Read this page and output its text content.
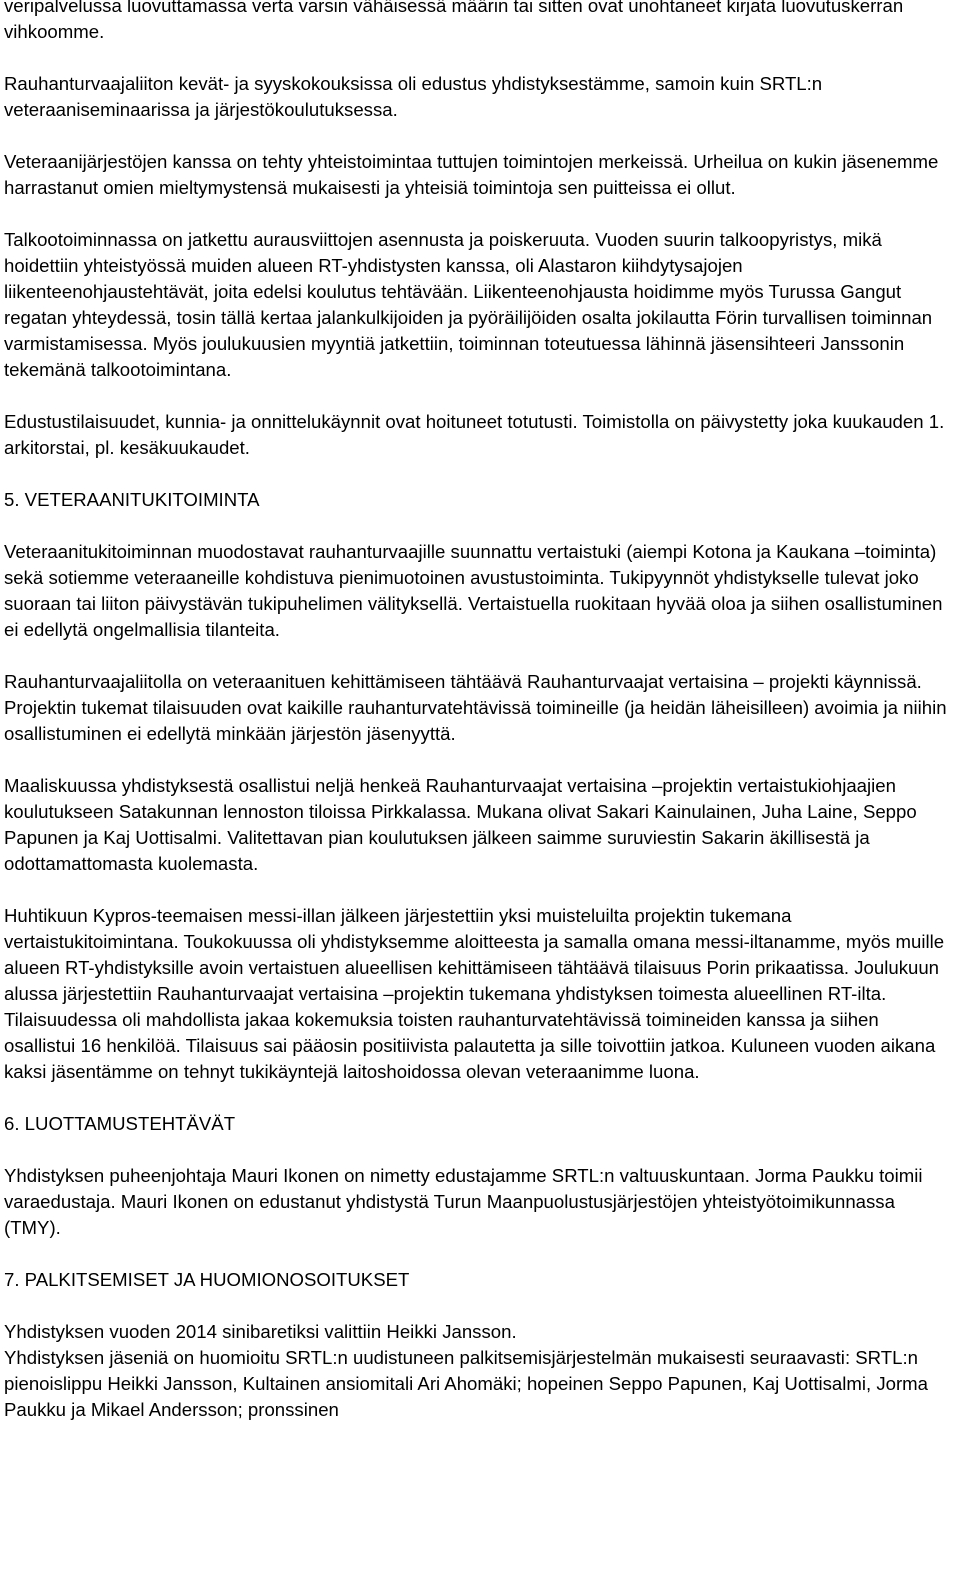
veripalvelussa luovuttamassa verta varsin vähäisessä määrin tai sitten ovat unohtaneet kirjata luovutuskerran vihkoomme.

Rauhanturvaajaliiton kevät- ja syyskokouksissa oli edustus yhdistyksestämme, samoin kuin SRTL:n veteraaniseminaarissa ja järjestökoulutuksessa.

Veteraanijärjestöjen kanssa on tehty yhteistoimintaa tuttujen toimintojen merkeissä. Urheilua on kukin jäsenemme harrastanut omien mieltymystensä mukaisesti ja yhteisiä toimintoja sen puitteissa ei ollut.

Talkootoiminnassa on jatkettu aurausviittojen asennusta ja poiskeruuta. Vuoden suurin talkoopyristys, mikä hoidettiin yhteistyössä muiden alueen RT-yhdistysten kanssa, oli Alastaron kiihdytysajojen liikenteenohjaustehtävät, joita edelsi koulutus tehtävään. Liikenteenohjausta hoidimme myös Turussa Gangut regatan yhteydessä, tosin tällä kertaa jalankulkijoiden ja pyöräilijöiden osalta jokilautta Förin turvallisen toiminnan varmistamisessa. Myös joulukuusien myyntiä jatkettiin, toiminnan toteutuessa lähinnä jäsensihteeri Janssonin tekemänä talkootoimintana.

Edustustilaisuudet, kunnia- ja onnittelukäynnit ovat hoituneet totutusti. Toimistolla on päivystetty joka kuukauden 1. arkitorstai, pl. kesäkuukaudet.

5. VETERAANITUKITOIMINTA

Veteraanitukitoiminnan muodostavat rauhanturvaajille suunnattu vertaistuki (aiempi Kotona ja Kaukana –toiminta) sekä sotiemme veteraaneille kohdistuva pienimuotoinen avustustoiminta. Tukipyynnöt yhdistykselle tulevat joko suoraan tai liiton päivystävän tukipuhelimen välityksellä. Vertaistuella ruokitaan hyvää oloa ja siihen osallistuminen ei edellytä ongelmallisia tilanteita.

Rauhanturvaajaliitolla on veteraanituen kehittämiseen tähtäävä Rauhanturvaajat vertaisina – projekti käynnissä. Projektin tukemat tilaisuuden ovat kaikille rauhanturvatehtävissä toimineille (ja heidän läheisilleen) avoimia ja niihin osallistuminen ei edellytä minkään järjestön jäsenyyttä.

Maaliskuussa yhdistyksestä osallistui neljä henkeä Rauhanturvaajat vertaisina –projektin vertaistukiohjaajien koulutukseen Satakunnan lennoston tiloissa Pirkkalassa. Mukana olivat Sakari Kainulainen, Juha Laine, Seppo Papunen ja Kaj Uottisalmi. Valitettavan pian koulutuksen jälkeen saimme suruviestin Sakarin äkillisestä ja odottamattomasta kuolemasta.

Huhtikuun Kypros-teemaisen messi-illan jälkeen järjestettiin yksi muisteluilta projektin tukemana vertaistukitoimintana. Toukokuussa oli yhdistyksemme aloitteesta ja samalla omana messi-iltanamme, myös muille alueen RT-yhdistyksille avoin vertaistuen alueellisen kehittämiseen tähtäävä tilaisuus Porin prikaatissa. Joulukuun alussa järjestettiin Rauhanturvaajat vertaisina –projektin tukemana yhdistyksen toimesta alueellinen RT-ilta. Tilaisuudessa oli mahdollista jakaa kokemuksia toisten rauhanturvatehtävissä toimineiden kanssa ja siihen osallistui 16 henkilöä. Tilaisuus sai pääosin positiivista palautetta ja sille toivottiin jatkoa. Kuluneen vuoden aikana kaksi jäsentämme on tehnyt tukikäyntejä laitoshoidossa olevan veteraanimme luona.

6. LUOTTAMUSTEHTÄVÄT

Yhdistyksen puheenjohtaja Mauri Ikonen on nimetty edustajamme SRTL:n valtuuskuntaan. Jorma Paukku toimii varaedustaja. Mauri Ikonen on edustanut yhdistystä Turun Maanpuolustusjärjestöjen yhteistyötoimikunnassa (TMY).

7. PALKITSEMISET JA HUOMIONOSOITUKSET

Yhdistyksen vuoden 2014 sinibaretiksi valittiin Heikki Jansson.

Yhdistyksen jäseniä on huomioitu SRTL:n uudistuneen palkitsemisjärjestelmän mukaisesti seuraavasti: SRTL:n pienoislippu Heikki Jansson, Kultainen ansiomitali Ari Ahomäki; hopeinen Seppo Papunen, Kaj Uottisalmi, Jorma Paukku ja Mikael Andersson; pronssinen
